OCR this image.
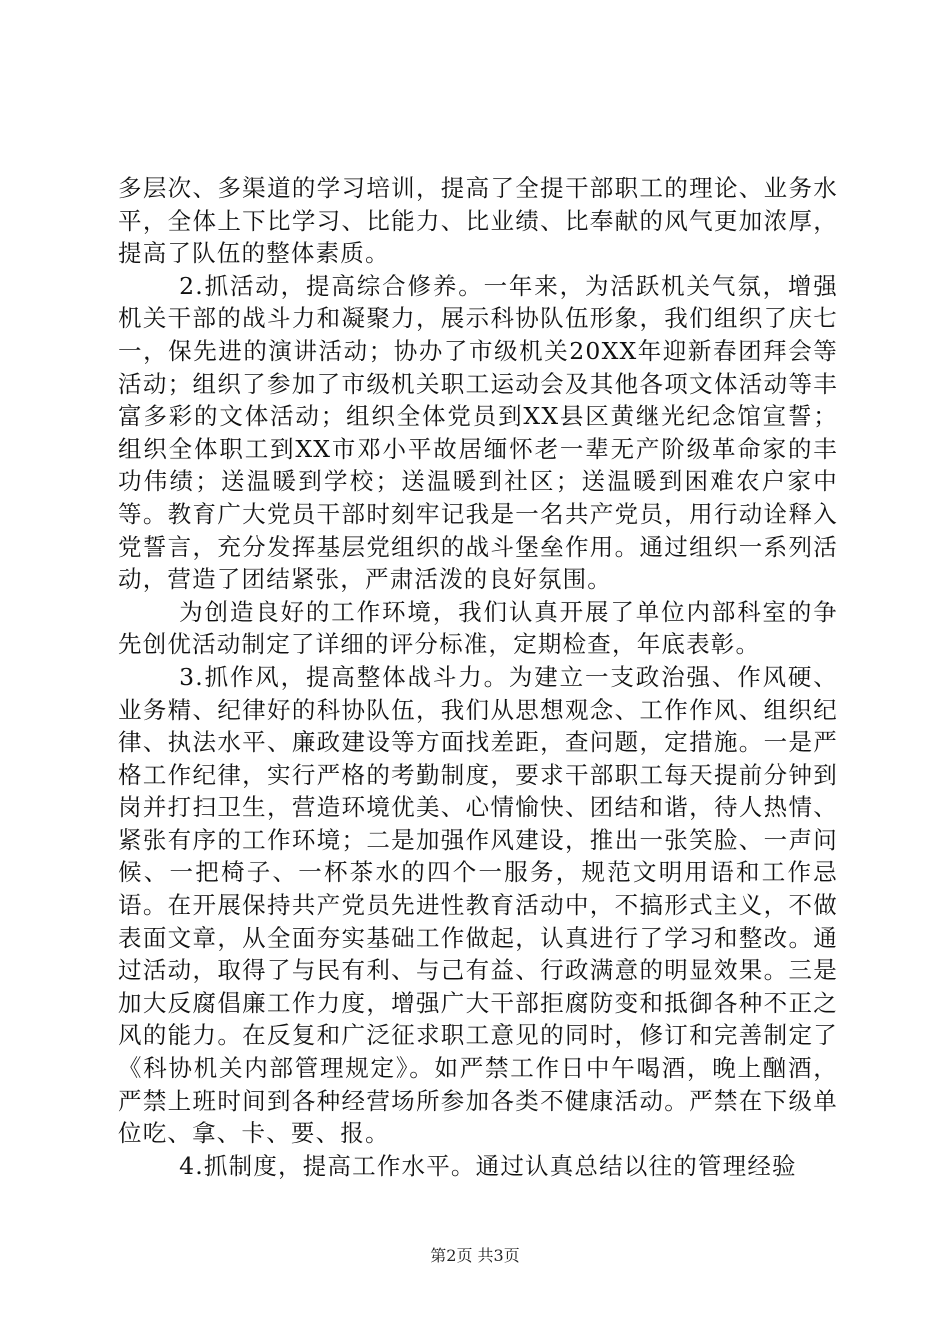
多层次、多渠道的学习培训，提高了全提干部职工的理论、业务水平，全体上下比学习、比能力、比业绩、比奉献的风气更加浓厚，提高了队伍的整体素质。

2.抓活动，提高综合修养。一年来，为活跃机关气氛，增强机关干部的战斗力和凝聚力，展示科协队伍形象，我们组织了庆七一，保先进的演讲活动；协办了市级机关20XX年迎新春团拜会等活动；组织了参加了市级机关职工运动会及其他各项文体活动等丰富多彩的文体活动；组织全体党员到XX县区黄继光纪念馆宣誓；组织全体职工到XX市邓小平故居缅怀老一辈无产阶级革命家的丰功伟绩；送温暖到学校；送温暖到社区；送温暖到困难农户家中等。教育广大党员干部时刻牢记我是一名共产党员，用行动诠释入党誓言，充分发挥基层党组织的战斗堡垒作用。通过组织一系列活动，营造了团结紧张，严肃活泼的良好氛围。

为创造良好的工作环境，我们认真开展了单位内部科室的争先创优活动制定了详细的评分标准，定期检查，年底表彰。

3.抓作风，提高整体战斗力。为建立一支政治强、作风硬、业务精、纪律好的科协队伍，我们从思想观念、工作作风、组织纪律、执法水平、廉政建设等方面找差距，查问题，定措施。一是严格工作纪律，实行严格的考勤制度，要求干部职工每天提前分钟到岗并打扫卫生，营造环境优美、心情愉快、团结和谐，待人热情、紧张有序的工作环境；二是加强作风建设，推出一张笑脸、一声问候、一把椅子、一杯茶水的四个一服务，规范文明用语和工作忌语。在开展保持共产党员先进性教育活动中，不搞形式主义，不做表面文章，从全面夯实基础工作做起，认真进行了学习和整改。通过活动，取得了与民有利、与己有益、行政满意的明显效果。三是加大反腐倡廉工作力度，增强广大干部拒腐防变和抵御各种不正之风的能力。在反复和广泛征求职工意见的同时，修订和完善制定了《科协机关内部管理规定》。如严禁工作日中午喝酒，晚上酗酒，严禁上班时间到各种经营场所参加各类不健康活动。严禁在下级单位吃、拿、卡、要、报。

4.抓制度，提高工作水平。通过认真总结以往的管理经验

第2页 共3页
